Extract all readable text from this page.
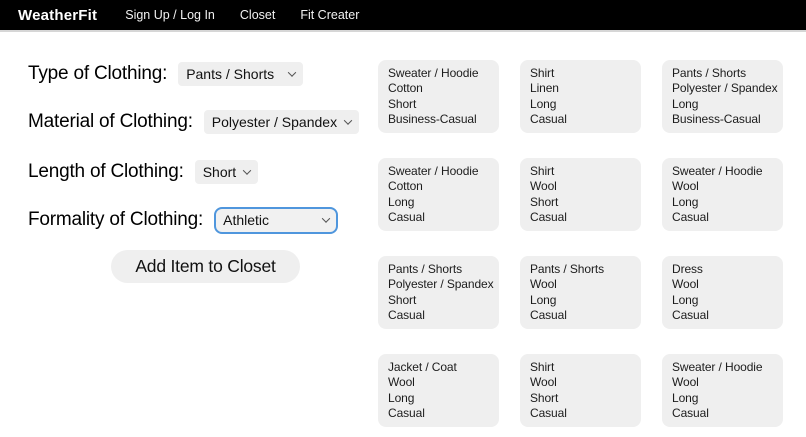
WeatherFit Sign Up / Log In Closet Fit Creater
Type of Clothing: Pants / Shorts
Material of Clothing: Polyester / Spandex
Length of Clothing: Short
Formality of Clothing: Athletic
Add Item to Closet
Sweater / Hoodie
Cotton
Short
Business-Casual
Shirt
Linen
Long
Casual
Pants / Shorts
Polyester / Spandex
Long
Business-Casual
Sweater / Hoodie
Cotton
Long
Casual
Shirt
Wool
Short
Casual
Sweater / Hoodie
Wool
Long
Casual
Pants / Shorts
Polyester / Spandex
Short
Casual
Pants / Shorts
Wool
Long
Casual
Dress
Wool
Long
Casual
Jacket / Coat
Wool
Long
Casual
Shirt
Wool
Short
Casual
Sweater / Hoodie
Wool
Long
Casual
